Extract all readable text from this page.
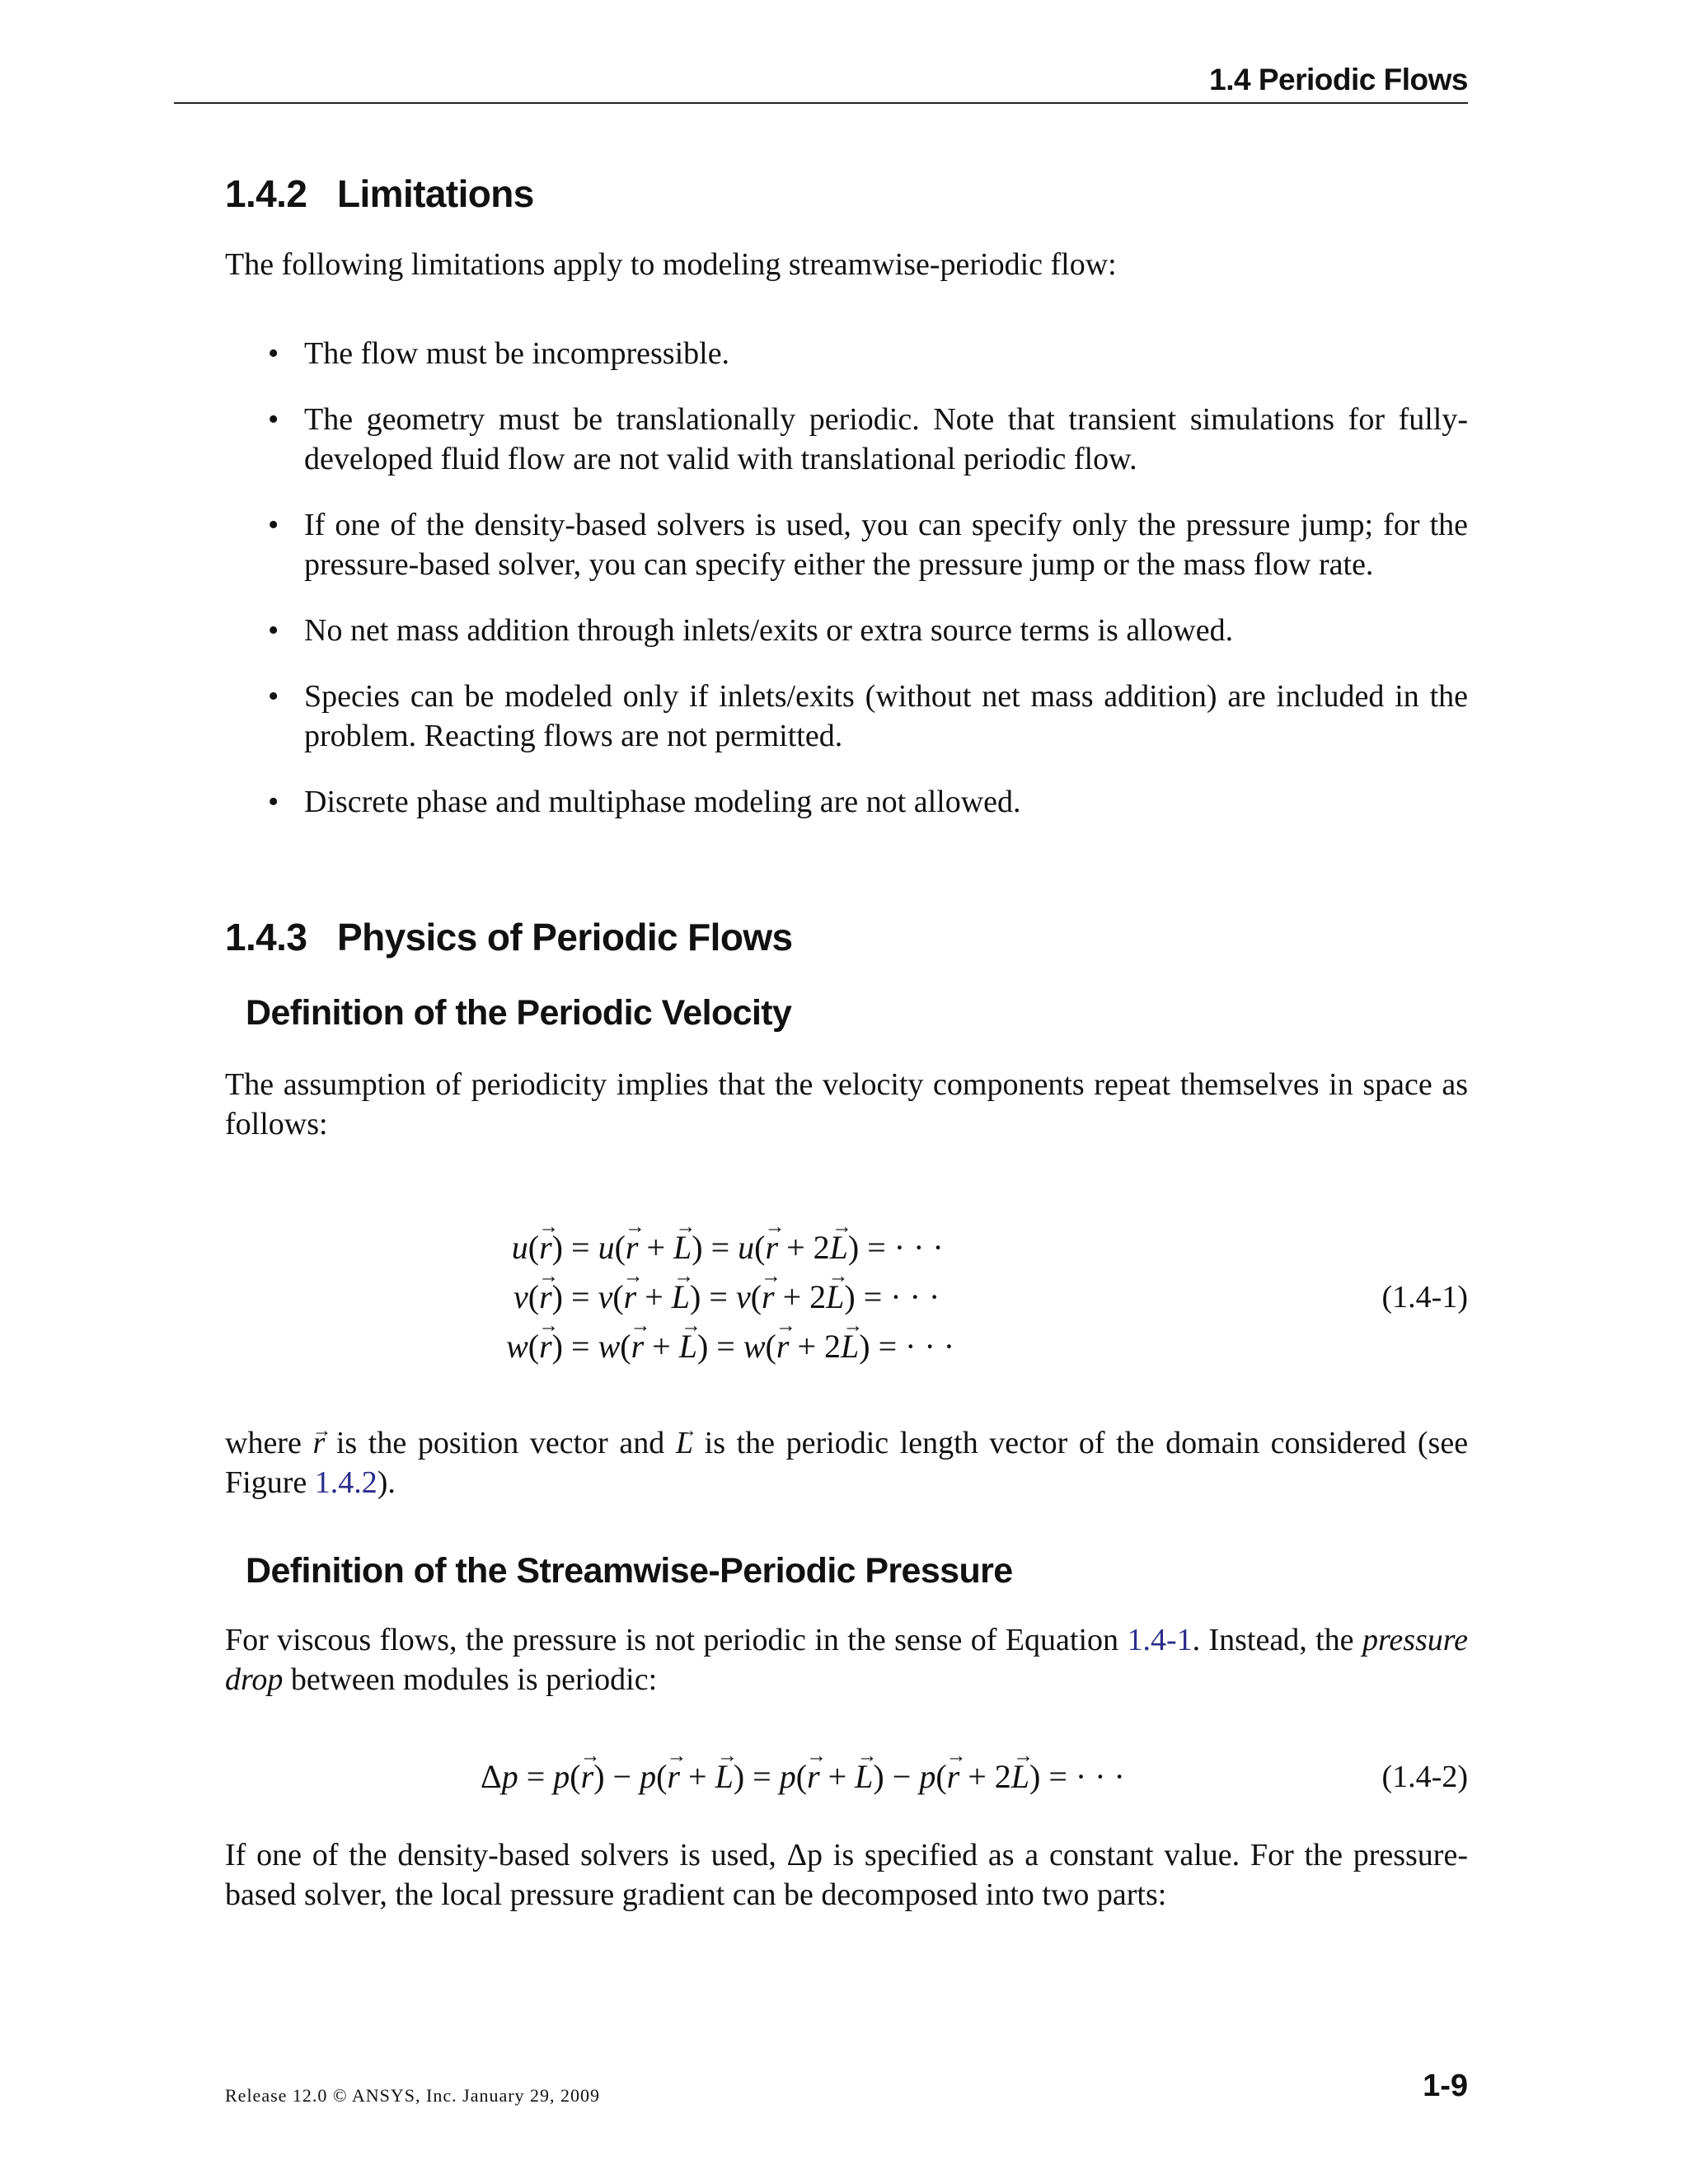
1.4 Periodic Flows
1.4.2 Limitations
The following limitations apply to modeling streamwise-periodic flow:
• The flow must be incompressible.
• The geometry must be translationally periodic. Note that transient simulations for fully-developed fluid flow are not valid with translational periodic flow.
• If one of the density-based solvers is used, you can specify only the pressure jump; for the pressure-based solver, you can specify either the pressure jump or the mass flow rate.
• No net mass addition through inlets/exits or extra source terms is allowed.
• Species can be modeled only if inlets/exits (without net mass addition) are included in the problem. Reacting flows are not permitted.
• Discrete phase and multiphase modeling are not allowed.
1.4.3 Physics of Periodic Flows
Definition of the Periodic Velocity
The assumption of periodicity implies that the velocity components repeat themselves in space as follows:
u(r →) = u(r → + L →) = u(r → + 2L →) = · · ·
v(r →) = v(r → + L →) = v(r → + 2L →) = · · ·
w(r →) = w(r → + L →) = w(r → + 2L →) = · · ·
(1.4-1)
where r → is the position vector and L → is the periodic length vector of the domain considered (see Figure 1.4.2).
Definition of the Streamwise-Periodic Pressure
For viscous flows, the pressure is not periodic in the sense of Equation 1.4-1. Instead, the pressure drop between modules is periodic:
Δp = p(r →) − p(r → + L →) = p(r → + L →) − p(r → + 2L →) = · · ·	(1.4-2)
If one of the density-based solvers is used, Δp is specified as a constant value. For the pressure-based solver, the local pressure gradient can be decomposed into two parts:
Release 12.0 © ANSYS, Inc. January 29, 2009	1-9
